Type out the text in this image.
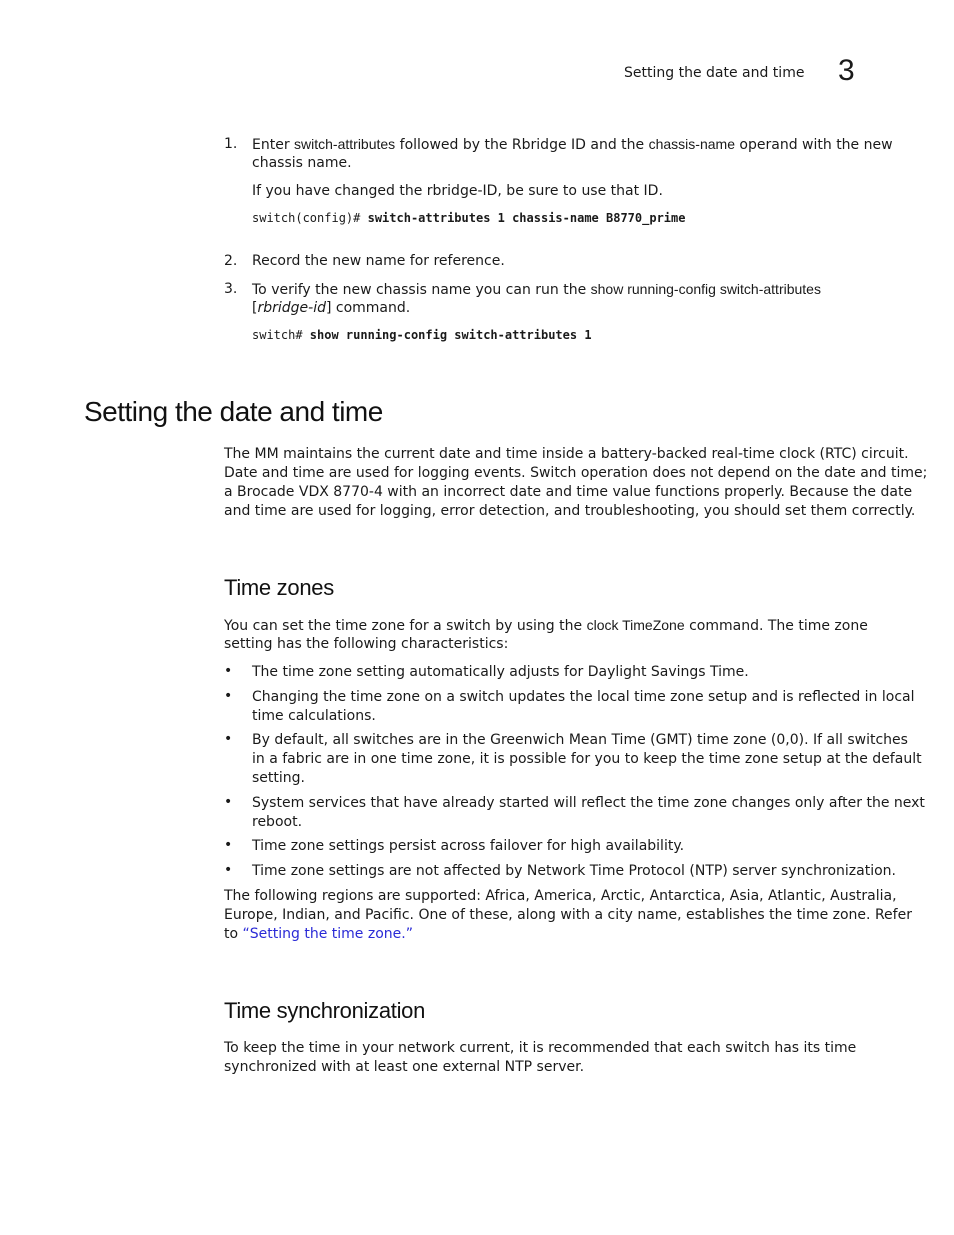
Setting the date and time 3
1. Enter switch-attributes followed by the Rbridge ID and the chassis-name operand with the new
chassis name.
If you have changed the rbridge-ID, be sure to use that ID.
switch(config)# switch-attributes 1 chassis-name B8770_prime
2. Record the new name for reference.
3. To verify the new chassis name you can run the show running-config switch-attributes
[rbridge-id] command.
switch# show running-config switch-attributes 1
Setting the date and time
The MM maintains the current date and time inside a battery-backed real-time clock (RTC) circuit.
Date and time are used for logging events. Switch operation does not depend on the date and time;
a Brocade VDX 8770-4 with an incorrect date and time value functions properly. Because the date
and time are used for logging, error detection, and troubleshooting, you should set them correctly.
Time zones
You can set the time zone for a switch by using the clock TimeZone command. The time zone
setting has the following characteristics:
• The time zone setting automatically adjusts for Daylight Savings Time.
• Changing the time zone on a switch updates the local time zone setup and is reflected in local
time calculations.
• By default, all switches are in the Greenwich Mean Time (GMT) time zone (0,0). If all switches
in a fabric are in one time zone, it is possible for you to keep the time zone setup at the default
setting.
• System services that have already started will reflect the time zone changes only after the next
reboot.
• Time zone settings persist across failover for high availability.
• Time zone settings are not affected by Network Time Protocol (NTP) server synchronization.
The following regions are supported: Africa, America, Arctic, Antarctica, Asia, Atlantic, Australia,
Europe, Indian, and Pacific. One of these, along with a city name, establishes the time zone. Refer
to “Setting the time zone.”
Time synchronization
To keep the time in your network current, it is recommended that each switch has its time
synchronized with at least one external NTP server.
